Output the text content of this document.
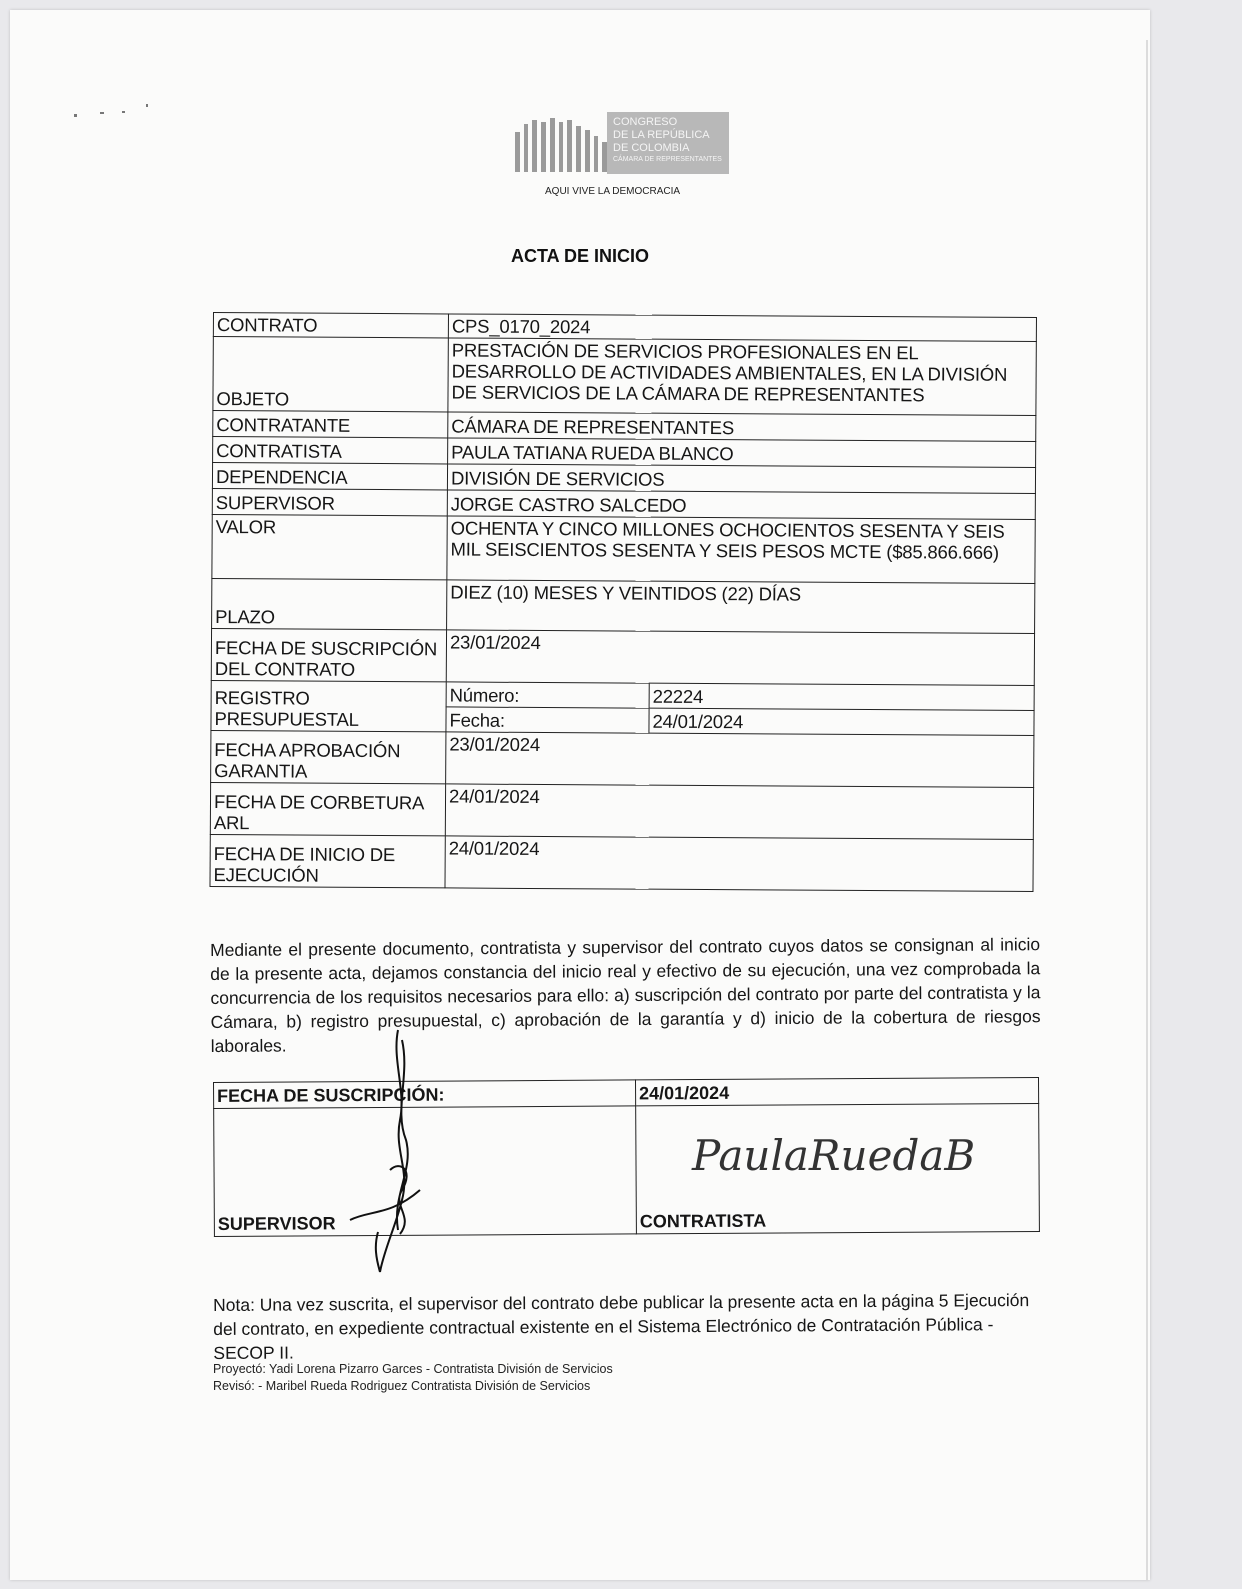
CONGRESO
DE LA REPÚBLICA
DE COLOMBIA
CÁMARA DE REPRESENTANTES
AQUI VIVE LA DEMOCRACIA
ACTA DE INICIO
CONTRATO	CPS_0170_2024	
OBJETO	PRESTACIÓN DE SERVICIOS PROFESIONALES EN EL DESARROLLO DE ACTIVIDADES AMBIENTALES, EN LA DIVISIÓN DE SERVICIOS DE LA CÁMARA DE REPRESENTANTES	
CONTRATANTE	CÁMARA DE REPRESENTANTES	
CONTRATISTA	PAULA TATIANA RUEDA BLANCO	
DEPENDENCIA	DIVISIÓN DE SERVICIOS	
SUPERVISOR	JORGE CASTRO SALCEDO	
VALOR	OCHENTA Y CINCO MILLONES OCHOCIENTOS SESENTA Y SEIS MIL SEISCIENTOS SESENTA Y SEIS PESOS MCTE ($85.866.666)	
PLAZO	DIEZ (10) MESES Y VEINTIDOS (22) DÍAS	
FECHA DE SUSCRIPCIÓN DEL CONTRATO	23/01/2024	
REGISTRO PRESUPUESTAL	Número:	22224
	Fecha:	24/01/2024
FECHA APROBACIÓN GARANTIA	23/01/2024	
FECHA DE CORBETURA ARL	24/01/2024	
FECHA DE INICIO DE EJECUCIÓN	24/01/2024	
Mediante el presente documento, contratista y supervisor del contrato cuyos datos se consignan al inicio de la presente acta, dejamos constancia del inicio real y efectivo de su ejecución, una vez comprobada la concurrencia de los requisitos necesarios para ello: a) suscripción del contrato por parte del contratista y la Cámara, b) registro presupuestal, c) aprobación de la garantía y d) inicio de la cobertura de riesgos laborales.
FECHA DE SUSCRIPCIÓN:	24/01/2024
SUPERVISOR	CONTRATISTA
PaulaRuedaB
Nota: Una vez suscrita, el supervisor del contrato debe publicar la presente acta en la página 5 Ejecución del contrato, en expediente contractual existente en el Sistema Electrónico de Contratación Pública - SECOP II.
Proyectó: Yadi Lorena Pizarro Garces - Contratista División de Servicios
Revisó: - Maribel Rueda Rodriguez Contratista División de Servicios
